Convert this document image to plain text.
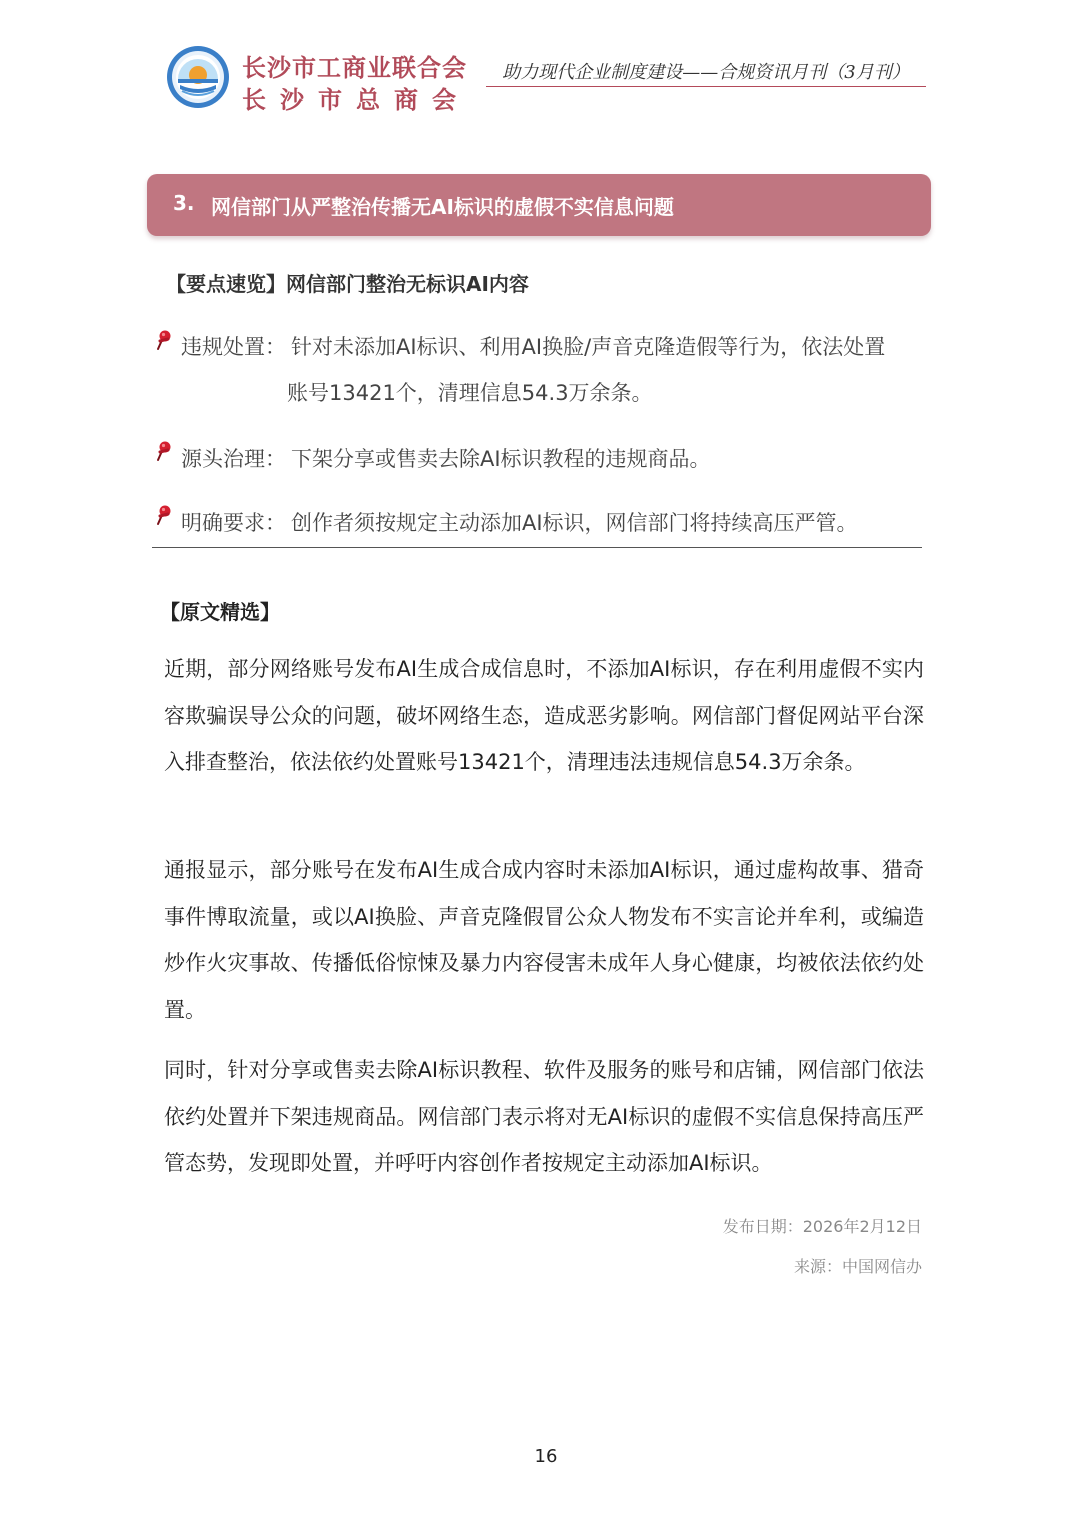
长沙市工商业联合会
长沙市总商会
助力现代企业制度建设——合规资讯月刊（3月刊）
3. 网信部门从严整治传播无AI标识的虚假不实信息问题
【要点速览】网信部门整治无标识AI内容
违规处置： 针对未添加AI标识、利用AI换脸/声音克隆造假等行为，依法处置
账号13421个，清理信息54.3万余条。
源头治理： 下架分享或售卖去除AI标识教程的违规商品。
明确要求： 创作者须按规定主动添加AI标识，网信部门将持续高压严管。
【原文精选】

近期，部分网络账号发布AI生成合成信息时，不添加AI标识，存在利用虚假不实内容欺骗误导公众的问题，破坏网络生态，造成恶劣影响。网信部门督促网站平台深入排查整治，依法依约处置账号13421个，清理违法违规信息54.3万余条。

通报显示，部分账号在发布AI生成合成内容时未添加AI标识，通过虚构故事、猎奇事件博取流量，或以AI换脸、声音克隆假冒公众人物发布不实言论并牟利，或编造炒作火灾事故、传播低俗惊悚及暴力内容侵害未成年人身心健康，均被依法依约处置。

同时，针对分享或售卖去除AI标识教程、软件及服务的账号和店铺，网信部门依法依约处置并下架违规商品。网信部门表示将对无AI标识的虚假不实信息保持高压严管态势，发现即处置，并呼吁内容创作者按规定主动添加AI标识。

发布日期：2026年2月12日
来源：中国网信办
16
